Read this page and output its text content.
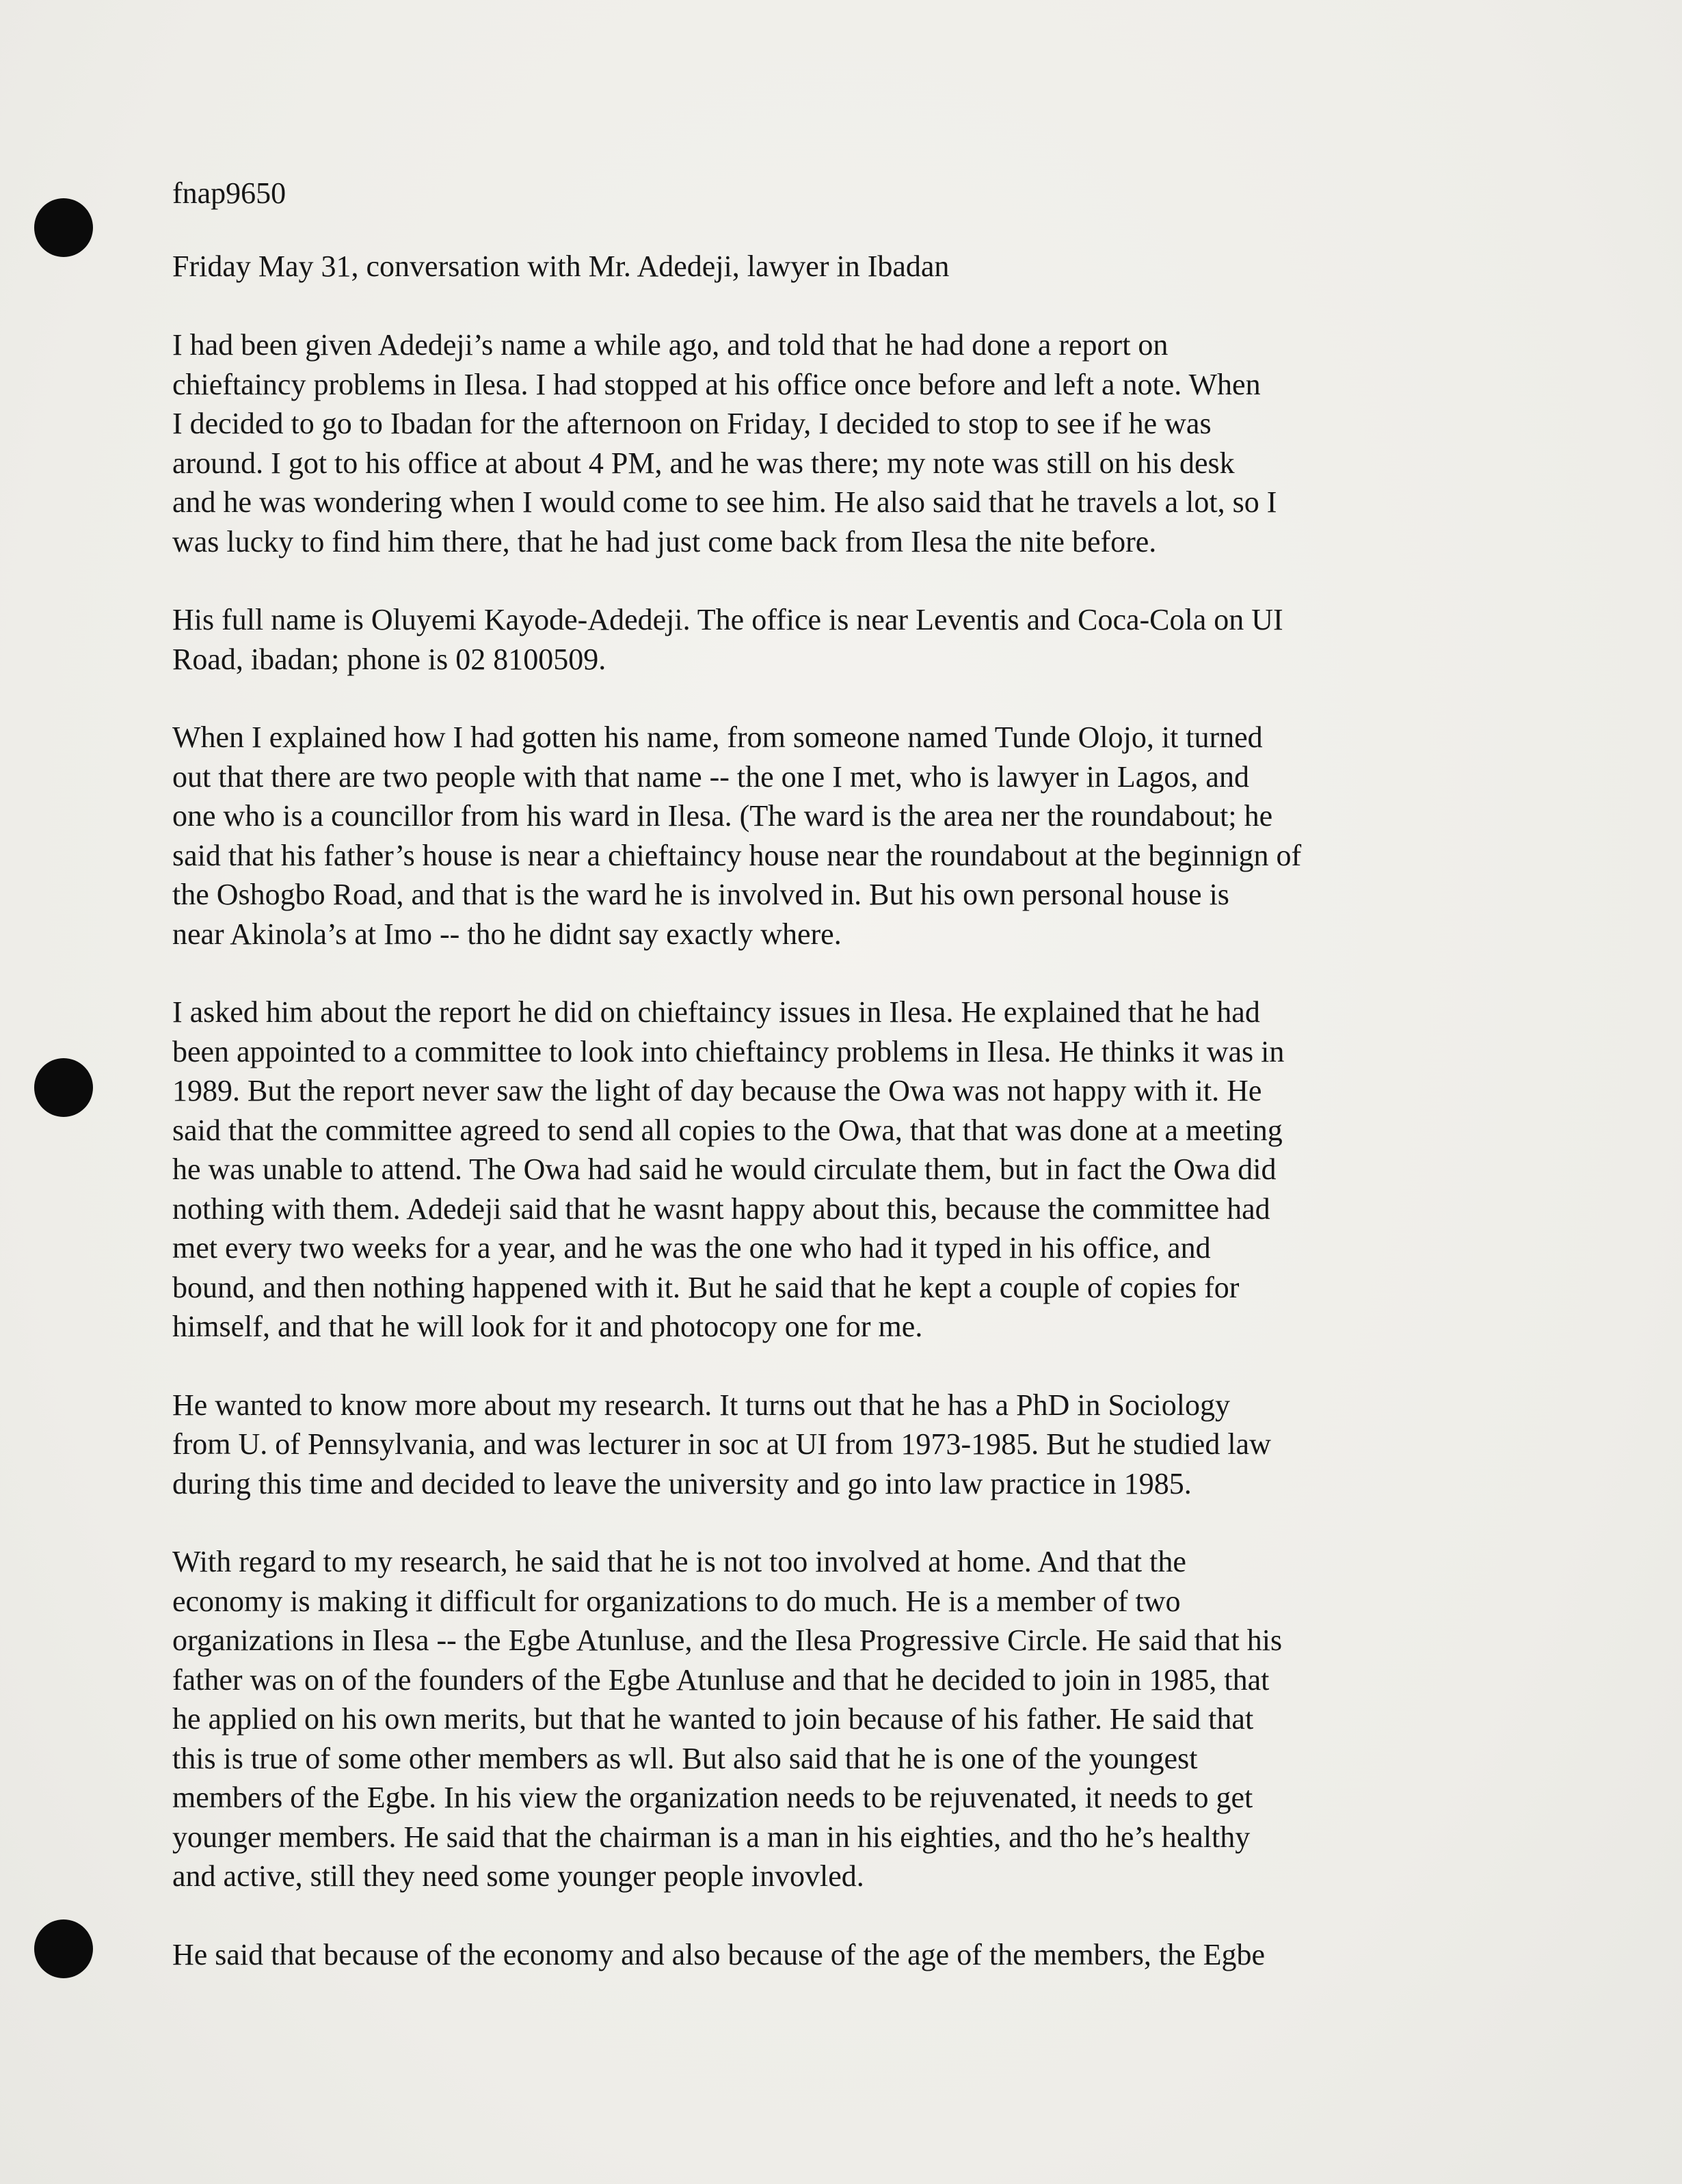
fnap9650

Friday May 31, conversation with Mr. Adedeji, lawyer in Ibadan

I had been given Adedeji’s name a while ago, and told that he had done a report on
chieftaincy problems in Ilesa. I had stopped at his office once before and left a note. When
I decided to go to Ibadan for the afternoon on Friday, I decided to stop to see if he was
around. I got to his office at about 4 PM, and he was there; my note was still on his desk
and he was wondering when I would come to see him. He also said that he travels a lot, so I
was lucky to find him there, that he had just come back from Ilesa the nite before.

His full name is Oluyemi Kayode-Adedeji. The office is near Leventis and Coca-Cola on UI
Road, ibadan; phone is 02 8100509.

When I explained how I had gotten his name, from someone named Tunde Olojo, it turned
out that there are two people with that name -- the one I met, who is lawyer in Lagos, and
one who is a councillor from his ward in Ilesa. (The ward is the area ner the roundabout; he
said that his father’s house is near a chieftaincy house near the roundabout at the beginnign of
the Oshogbo Road, and that is the ward he is involved in. But his own personal house is
near Akinola’s at Imo -- tho he didnt say exactly where.

I asked him about the report he did on chieftaincy issues in Ilesa. He explained that he had
been appointed to a committee to look into chieftaincy problems in Ilesa. He thinks it was in
1989. But the report never saw the light of day because the Owa was not happy with it. He
said that the committee agreed to send all copies to the Owa, that that was done at a meeting
he was unable to attend. The Owa had said he would circulate them, but in fact the Owa did
nothing with them. Adedeji said that he wasnt happy about this, because the committee had
met every two weeks for a year, and he was the one who had it typed in his office, and
bound, and then nothing happened with it. But he said that he kept a couple of copies for
himself, and that he will look for it and photocopy one for me.

He wanted to know more about my research. It turns out that he has a PhD in Sociology
from U. of Pennsylvania, and was lecturer in soc at UI from 1973-1985. But he studied law
during this time and decided to leave the university and go into law practice in 1985.

With regard to my research, he said that he is not too involved at home. And that the
economy is making it difficult for organizations to do much. He is a member of two
organizations in Ilesa -- the Egbe Atunluse, and the Ilesa Progressive Circle. He said that his
father was on of the founders of the Egbe Atunluse and that he decided to join in 1985, that
he applied on his own merits, but that he wanted to join because of his father. He said that
this is true of some other members as wll. But also said that he is one of the youngest
members of the Egbe. In his view the organization needs to be rejuvenated, it needs to get
younger members. He said that the chairman is a man in his eighties, and tho he’s healthy
and active, still they need some younger people invovled.

He said that because of the economy and also because of the age of the members, the Egbe
